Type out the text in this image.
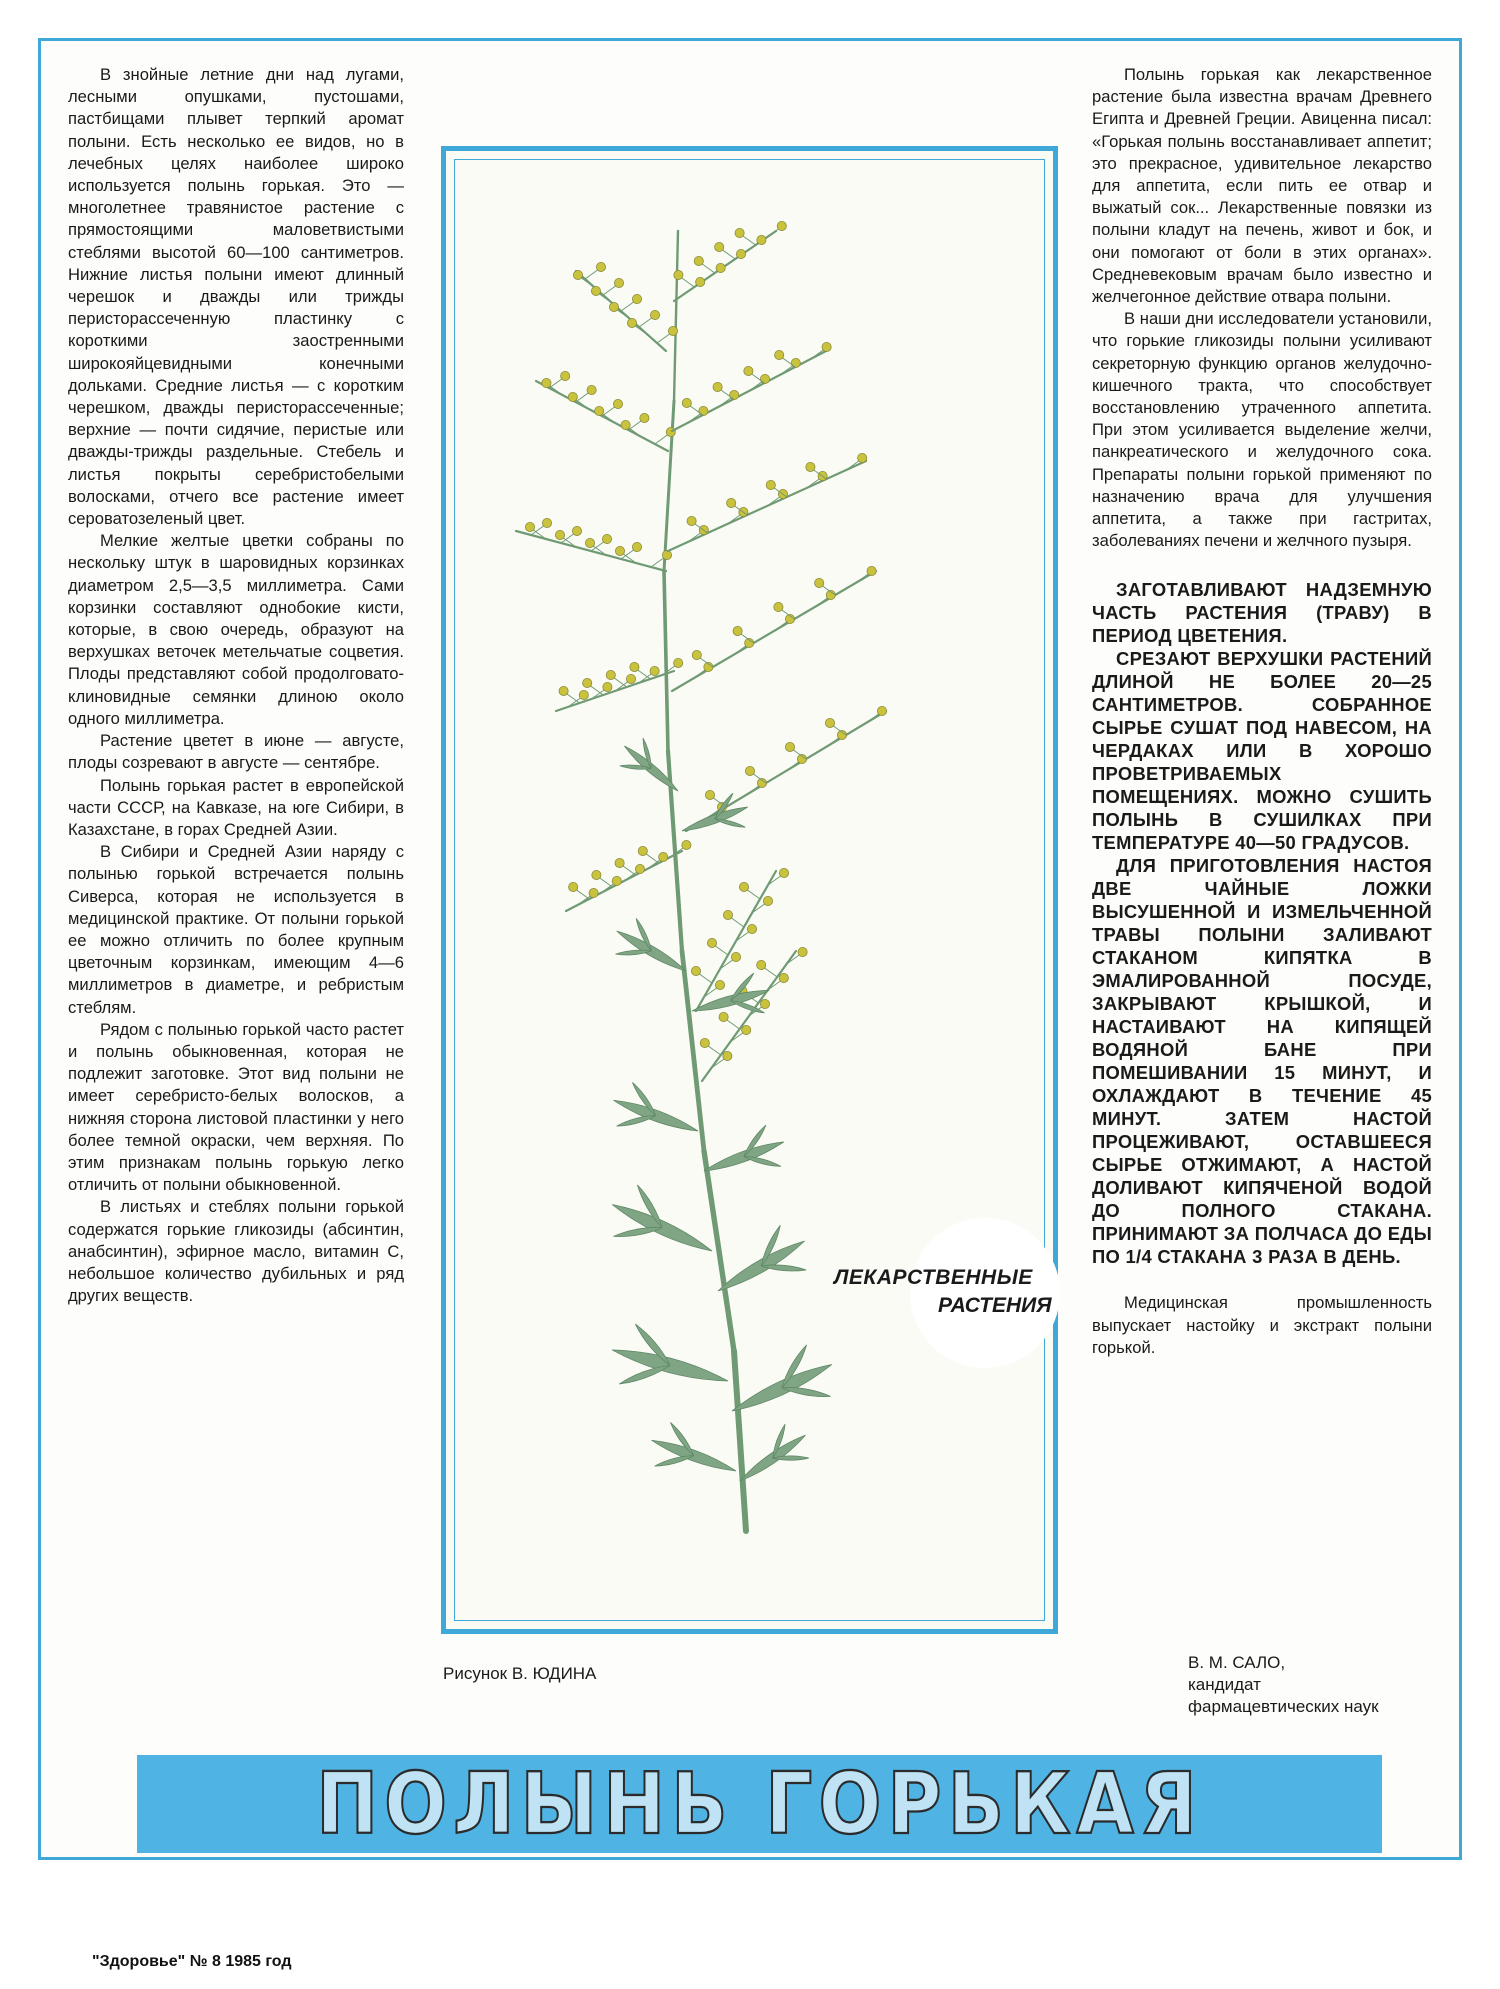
В знойные летние дни над лугами, лесными опушками, пустошами, пастбищами плывет терпкий аромат полыни. Есть несколько ее видов, но в лечебных целях наиболее широко используется полынь горькая. Это — многолетнее травянистое растение с прямостоящими маловетвистыми стеблями высотой 60—100 сантиметров. Нижние листья полыни имеют длинный черешок и дважды или трижды перисторассеченную пластинку с короткими заостренными широкояйцевидными конечными дольками. Средние листья — с коротким черешком, дважды перисторассеченные; верхние — почти сидячие, перистые или дважды-трижды раздельные. Стебель и листья покрыты серебристобелыми волосками, отчего все растение имеет сероватозеленый цвет.

Мелкие желтые цветки собраны по нескольку штук в шаровидных корзинках диаметром 2,5—3,5 миллиметра. Сами корзинки составляют однобокие кисти, которые, в свою очередь, образуют на верхушках веточек метельчатые соцветия. Плоды представляют собой продолговато-клиновидные семянки длиною около одного миллиметра.

Растение цветет в июне — августе, плоды созревают в августе — сентябре.

Полынь горькая растет в европейской части СССР, на Кавказе, на юге Сибири, в Казахстане, в горах Средней Азии.

В Сибири и Средней Азии наряду с полынью горькой встречается полынь Сиверса, которая не используется в медицинской практике. От полыни горькой ее можно отличить по более крупным цветочным корзинкам, имеющим 4—6 миллиметров в диаметре, и ребристым стеблям.

Рядом с полынью горькой часто растет и полынь обыкновенная, которая не подлежит заготовке. Этот вид полыни не имеет серебристо-белых волосков, а нижняя сторона листовой пластинки у него более темной окраски, чем верхняя. По этим признакам полынь горькую легко отличить от полыни обыкновенной.

В листьях и стеблях полыни горькой содержатся горькие гликозиды (абсинтин, анабсинтин), эфирное масло, витамин С, небольшое количество дубильных и ряд других веществ.

ЛЕКАРСТВЕННЫЕ
РАСТЕНИЯ

Полынь горькая как лекарственное растение была известна врачам Древнего Египта и Древней Греции. Авиценна писал: «Горькая полынь восстанавливает аппетит; это прекрасное, удивительное лекарство для аппетита, если пить ее отвар и выжатый сок... Лекарственные повязки из полыни кладут на печень, живот и бок, и они помогают от боли в этих органах». Средневековым врачам было известно и желчегонное действие отвара полыни.

В наши дни исследователи установили, что горькие гликозиды полыни усиливают секреторную функцию органов желудочно-кишечного тракта, что способствует восстановлению утраченного аппетита. При этом усиливается выделение желчи, панкреатического и желудочного сока. Препараты полыни горькой применяют по назначению врача для улучшения аппетита, а также при гастритах, заболеваниях печени и желчного пузыря.

ЗАГОТАВЛИВАЮТ НАДЗЕМНУЮ ЧАСТЬ РАСТЕНИЯ (ТРАВУ) В ПЕРИОД ЦВЕТЕНИЯ.

СРЕЗАЮТ ВЕРХУШКИ РАСТЕНИЙ ДЛИНОЙ НЕ БОЛЕЕ 20—25 САНТИМЕТРОВ. СОБРАННОЕ СЫРЬЕ СУШАТ ПОД НАВЕСОМ, НА ЧЕРДАКАХ ИЛИ В ХОРОШО ПРОВЕТРИВАЕМЫХ ПОМЕЩЕНИЯХ. МОЖНО СУШИТЬ ПОЛЫНЬ В СУШИЛКАХ ПРИ ТЕМПЕРАТУРЕ 40—50 ГРАДУСОВ.

ДЛЯ ПРИГОТОВЛЕНИЯ НАСТОЯ ДВЕ ЧАЙНЫЕ ЛОЖКИ ВЫСУШЕННОЙ И ИЗМЕЛЬЧЕННОЙ ТРАВЫ ПОЛЫНИ ЗАЛИВАЮТ СТАКАНОМ КИПЯТКА В ЭМАЛИРОВАННОЙ ПОСУДЕ, ЗАКРЫВАЮТ КРЫШКОЙ, И НАСТАИВАЮТ НА КИПЯЩЕЙ ВОДЯНОЙ БАНЕ ПРИ ПОМЕШИВАНИИ 15 МИНУТ, И ОХЛАЖДАЮТ В ТЕЧЕНИЕ 45 МИНУТ. ЗАТЕМ НАСТОЙ ПРОЦЕЖИВАЮТ, ОСТАВШЕЕСЯ СЫРЬЕ ОТЖИМАЮТ, А НАСТОЙ ДОЛИВАЮТ КИПЯЧЕНОЙ ВОДОЙ ДО ПОЛНОГО СТАКАНА. ПРИНИМАЮТ ЗА ПОЛЧАСА ДО ЕДЫ ПО 1/4 СТАКАНА 3 РАЗА В ДЕНЬ.

Медицинская промышленность выпускает настойку и экстракт полыни горькой.

Рисунок В. ЮДИНА
В. М. САЛО,
кандидат
фармацевтических наук
ПОЛЫНЬ ГОРЬКАЯ
"Здоровье" № 8 1985 год
